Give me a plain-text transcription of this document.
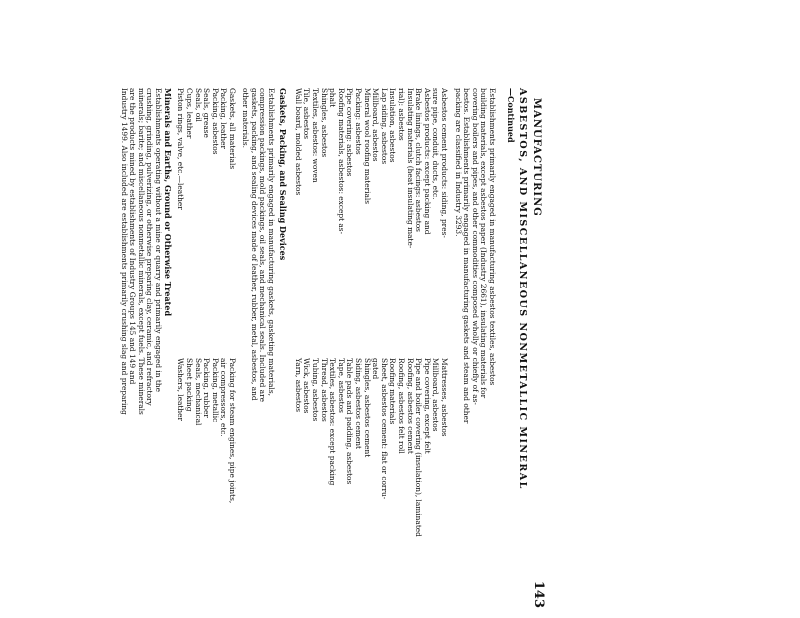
MANUFACTURING
143
ASBESTOS, AND MISCELLANEOUS NONMETALLIC MINERAL
—Continued
Establishments primarily engaged in manufacturing asbestos textiles, asbestos
building materials, except asbestos paper (Industry 2661), insulating materials for
covering boilers and pipes, and other commodities composed wholly or chiefly of as-
bestos. Establishments primarily engaged in manufacturing gaskets and steam and other
packing are classified in Industry 3293.
Asbestos cement products: siding, pres-
sure pipe, conduit, ducts, etc.
Asbestos products: except packing and
Brake linings, clutch facings: asbestos
Insulating materials (heat insulating mate-
rial): asbestos
Insulation, asbestos
Lap siding, asbestos
Millboard, asbestos
Mineral wool roofing materials
Packing: asbestos
Pipe covering: asbestos
Roofing materials, asbestos: except as-
phalt
Shingles, asbestos
Textiles, asbestos: woven
Tile, asbestos
Wall board, molded asbestos
Mattresses, asbestos
Millboard, asbestos
Pipe covering, except felt
Pipe and boiler covering (insulation), laminated
Roofing, asbestos cement
Roofing, asbestos felt roll
Roofing materials
Sheet, asbestos cement: flat or corru-
gated
Shingles, asbestos cement
Siding, asbestos cement
Table pads and padding, asbestos
Tape, asbestos
Textiles, asbestos: except packing
Thread, asbestos
Tubing, asbestos
Wick, asbestos
Yarn, asbestos
Gaskets, Packing, and Sealing Devices
Establishments primarily engaged in manufacturing gaskets, gasketing materials,
compression packings, mold packings, oil seals, and mechanical seals. Included are
gaskets, packing, and sealing devices made of leather, rubber, metal, asbestos, and
other materials.
Gaskets, all materials
Packing, leather
Packing, asbestos
Seals, grease
Seals, oil
Cups, leather
Piston rings, valve, etc.—leather
Packing for steam engines, pipe joints,
air compressors, etc.
Packing, metallic
Packing, rubber
Seals, mechanical
Sheet packing
Washers, leather
Minerals and Earths, Ground or Otherwise Treated
Establishments operating without a mine or quarry and primarily engaged in the
crushing, grinding, pulverizing, or otherwise preparing clay, ceramic, and refractory
minerals; barite; and miscellaneous nonmetallic minerals, except fuels. These minerals
are the products mined by establishments of Industry Groups 145 and 149 and
Industry 1499. Also included are establishments primarily crushing slag and preparing
